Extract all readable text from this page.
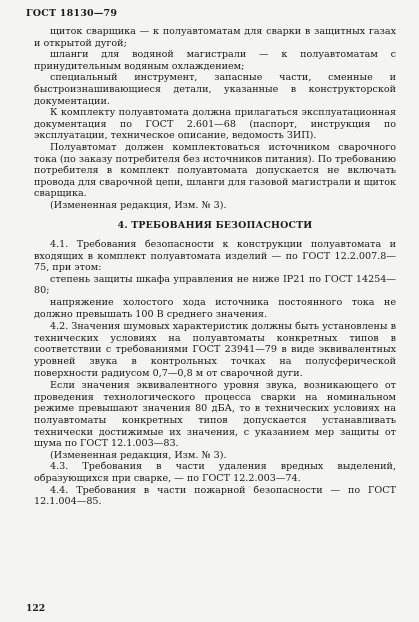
ГОСТ 18130—79

щиток сварщика — к полуавтоматам для сварки в защитных газах и открытой дугой;

шланги для водяной магистрали — к полуавтоматам с принудительным водяным охлаждением;

специальный инструмент, запасные части, сменные и быстроизнашивающиеся детали, указанные в конструкторской документации.

К комплекту полуавтомата должна прилагаться эксплуатационная документация по ГОСТ 2.601—68 (паспорт, инструкция по эксплуатации, техническое описание, ведомость ЗИП).

Полуавтомат должен комплектоваться источником сварочного тока (по заказу потребителя без источников питания). По требованию потребителя в комплект полуавтомата допускается не включать провода для сварочной цепи, шланги для газовой магистрали и щиток сварщика.

(Измененная редакция, Изм. № 3).

4. ТРЕБОВАНИЯ БЕЗОПАСНОСТИ

4.1. Требования безопасности к конструкции полуавтомата и входящих в комплект полуавтомата изделий — по ГОСТ 12.2.007.8—75, при этом:

степень защиты шкафа управления не ниже IP21 по ГОСТ 14254—80;

напряжение холостого хода источника постоянного тока не должно превышать 100 В среднего значения.

4.2. Значения шумовых характеристик должны быть установлены в технических условиях на полуавтоматы конкретных типов в соответствии с требованиями ГОСТ 23941—79 в виде эквивалентных уровней звука в контрольных точках на полусферической поверхности радиусом 0,7—0,8 м от сварочной дуги.

Если значения эквивалентного уровня звука, возникающего от проведения технологического процесса сварки на номинальном режиме превышают значения 80 дБА, то в технических условиях на полуавтоматы конкретных типов допускается устанавливать технически достижимые их значения, с указанием мер защиты от шума по ГОСТ 12.1.003—83.

(Измененная редакция, Изм. № 3).

4.3. Требования в части удаления вредных выделений, образующихся при сварке, — по ГОСТ 12.2.003—74.

4.4. Требования в части пожарной безопасности — по ГОСТ 12.1.004—85.

122
